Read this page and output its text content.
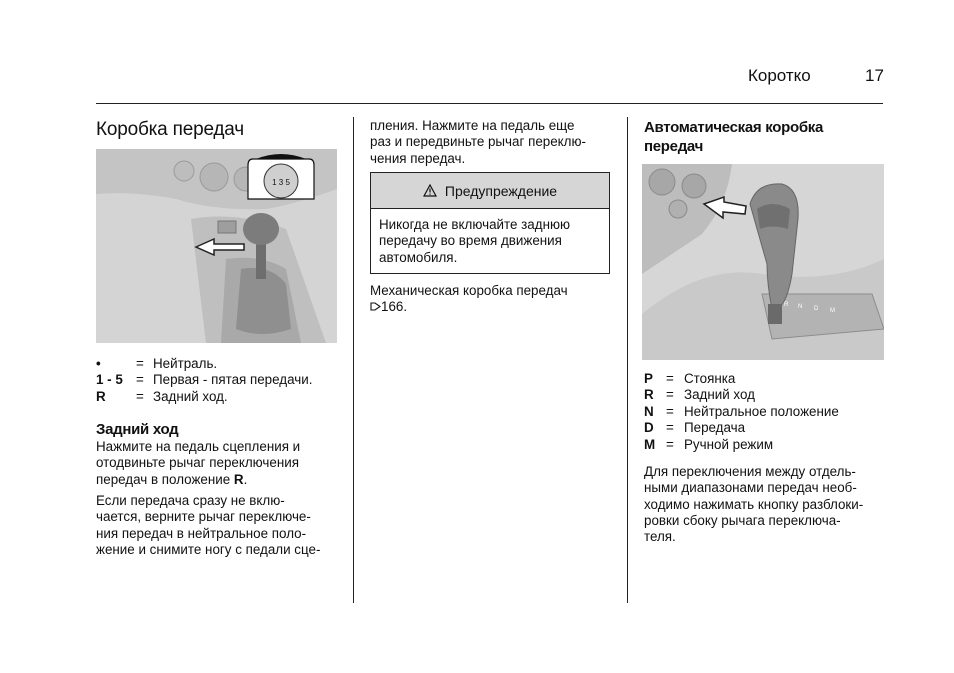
Коротко	17
Коробка передач
1 3 5
•	= Нейтраль.
1 - 5 = Первая - пятая передачи.
R = Задний ход.
Задний ход
Нажмите на педаль сцепления и
отодвиньте рычаг переключения
передач в положение R.
Если передача сразу не вклю-
чается, верните рычаг переключе-
ния передач в нейтральное поло-
жение и снимите ногу с педали сце-
пления. Нажмите на педаль еще
раз и передвиньте рычаг переклю-
чения передач.
Предупреждение
Никогда не включайте заднюю
передачу во время движения
автомобиля.
Механическая коробка передач
166.
Автоматическая коробка
передач
R N D M
P = Стоянка
R = Задний ход
N = Нейтральное положение
D = Передача
M = Ручной режим
Для переключения между отдель-
ными диапазонами передач необ-
ходимо нажимать кнопку разблоки-
ровки сбоку рычага переключа-
теля.
